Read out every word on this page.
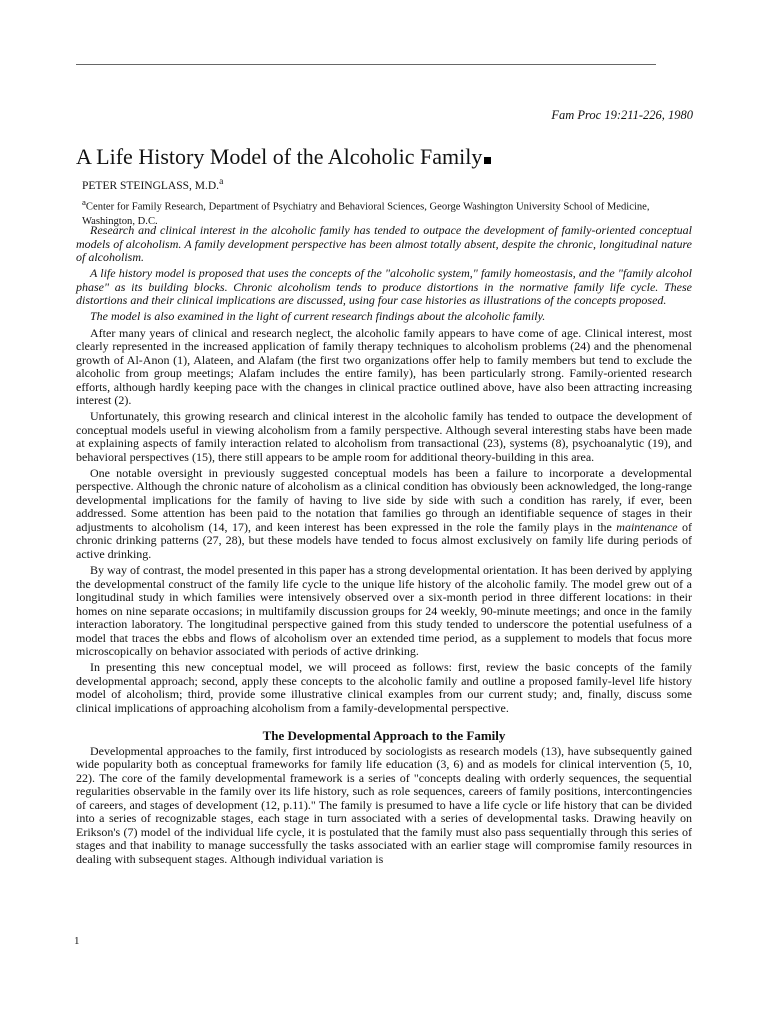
Fam Proc 19:211-226, 1980
A Life History Model of the Alcoholic Family
PETER STEINGLASS, M.D.$^a$
$^a$Center for Family Research, Department of Psychiatry and Behavioral Sciences, George Washington University School of Medicine, Washington, D.C.

Research and clinical interest in the alcoholic family has tended to outpace the development of family-oriented conceptual models of alcoholism. A family development perspective has been almost totally absent, despite the chronic, longitudinal nature of alcoholism.

A life history model is proposed that uses the concepts of the "alcoholic system," family homeostasis, and the "family alcohol phase" as its building blocks. Chronic alcoholism tends to produce distortions in the normative family life cycle. These distortions and their clinical implications are discussed, using four case histories as illustrations of the concepts proposed.

The model is also examined in the light of current research findings about the alcoholic family.

After many years of clinical and research neglect, the alcoholic family appears to have come of age. Clinical interest, most clearly represented in the increased application of family therapy techniques to alcoholism problems (24) and the phenomenal growth of Al-Anon (1), Alateen, and Alafam (the first two organizations offer help to family members but tend to exclude the alcoholic from group meetings; Alafam includes the entire family), has been particularly strong. Family-oriented research efforts, although hardly keeping pace with the changes in clinical practice outlined above, have also been attracting increasing interest (2).

Unfortunately, this growing research and clinical interest in the alcoholic family has tended to outpace the development of conceptual models useful in viewing alcoholism from a family perspective. Although several interesting stabs have been made at explaining aspects of family interaction related to alcoholism from transactional (23), systems (8), psychoanalytic (19), and behavioral perspectives (15), there still appears to be ample room for additional theory-building in this area.

One notable oversight in previously suggested conceptual models has been a failure to incorporate a developmental perspective. Although the chronic nature of alcoholism as a clinical condition has obviously been acknowledged, the long-range developmental implications for the family of having to live side by side with such a condition has rarely, if ever, been addressed. Some attention has been paid to the notation that families go through an identifiable sequence of stages in their adjustments to alcoholism (14, 17), and keen interest has been expressed in the role the family plays in the maintenance of chronic drinking patterns (27, 28), but these models have tended to focus almost exclusively on family life during periods of active drinking.

By way of contrast, the model presented in this paper has a strong developmental orientation. It has been derived by applying the developmental construct of the family life cycle to the unique life history of the alcoholic family. The model grew out of a longitudinal study in which families were intensively observed over a six-month period in three different locations: in their homes on nine separate occasions; in multifamily discussion groups for 24 weekly, 90-minute meetings; and once in the family interaction laboratory. The longitudinal perspective gained from this study tended to underscore the potential usefulness of a model that traces the ebbs and flows of alcoholism over an extended time period, as a supplement to models that focus more microscopically on behavior associated with periods of active drinking.

In presenting this new conceptual model, we will proceed as follows: first, review the basic concepts of the family developmental approach; second, apply these concepts to the alcoholic family and outline a proposed family-level life history model of alcoholism; third, provide some illustrative clinical examples from our current study; and, finally, discuss some clinical implications of approaching alcoholism from a family-developmental perspective.

The Developmental Approach to the Family

Developmental approaches to the family, first introduced by sociologists as research models (13), have subsequently gained wide popularity both as conceptual frameworks for family life education (3, 6) and as models for clinical intervention (5, 10, 22). The core of the family developmental framework is a series of "concepts dealing with orderly sequences, the sequential regularities observable in the family over its life history, such as role sequences, careers of family positions, intercontingencies of careers, and stages of development (12, p.11)." The family is presumed to have a life cycle or life history that can be divided into a series of recognizable stages, each stage in turn associated with a series of developmental tasks. Drawing heavily on Erikson's (7) model of the individual life cycle, it is postulated that the family must also pass sequentially through this series of stages and that inability to manage successfully the tasks associated with an earlier stage will compromise family resources in dealing with subsequent stages. Although individual variation is

1
